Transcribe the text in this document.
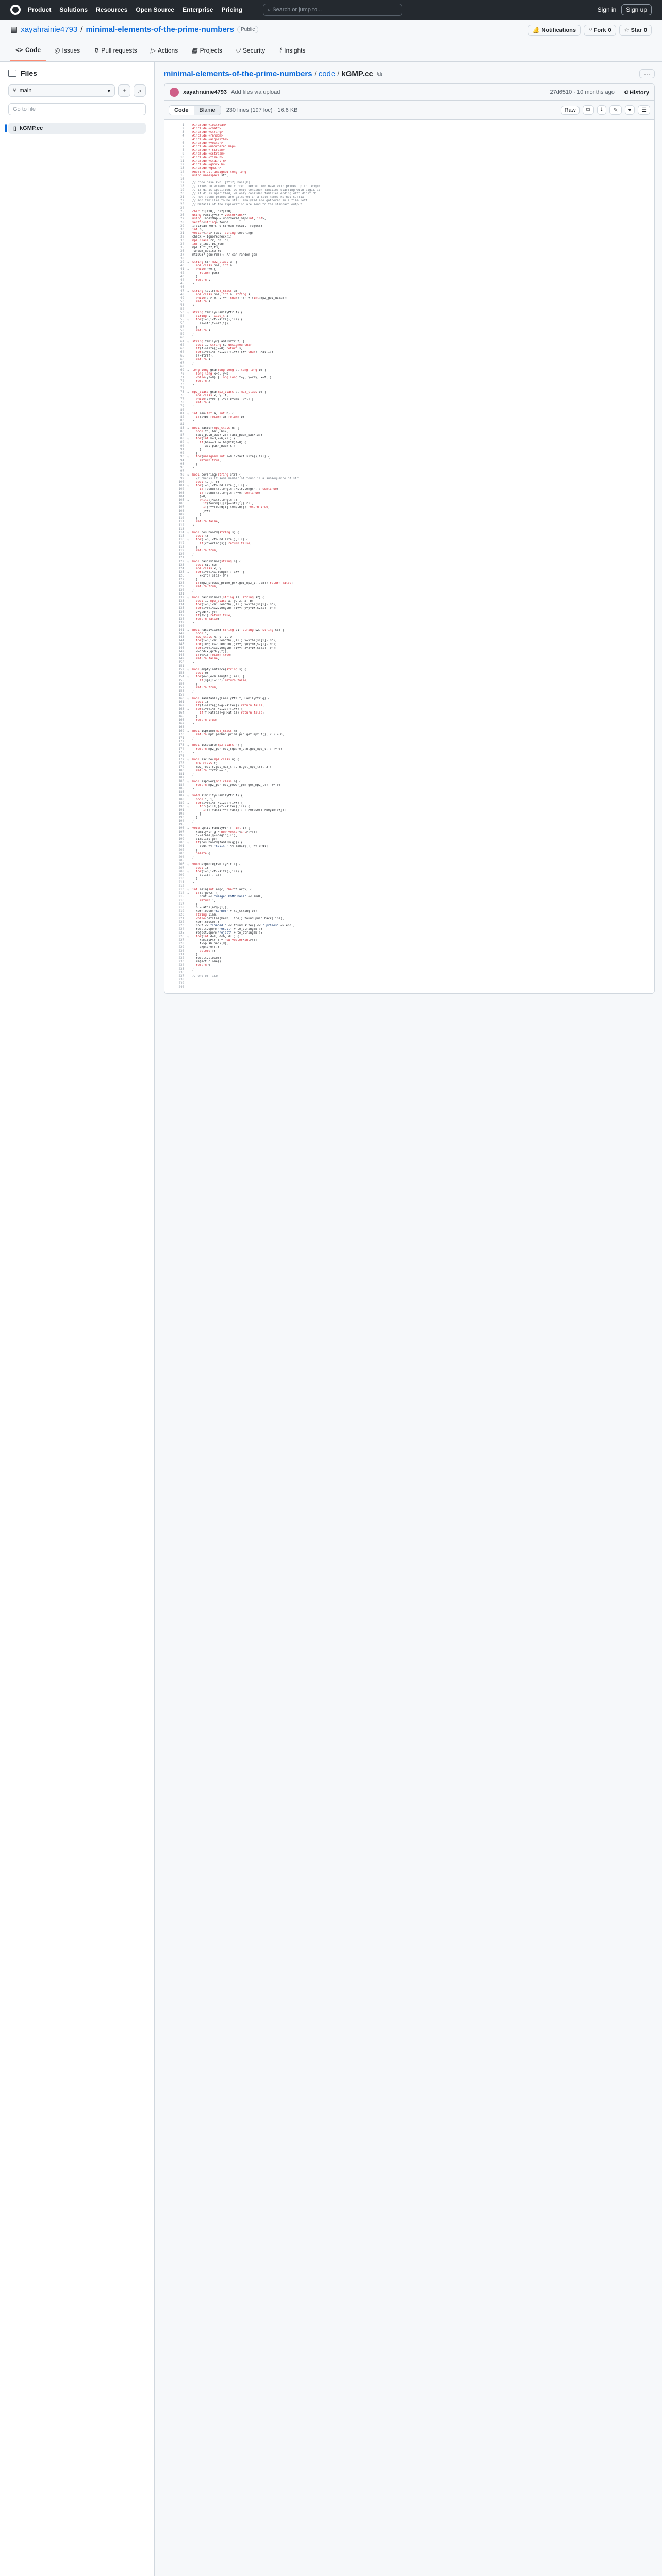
Product Solutions Resources Open Source Enterprise Pricing	⌕ Search or jump to...	Sign in	Sign up
▤ xayahrainie4793 / minimal-elements-of-the-prime-numbers	Public	🔔 Notifications ⑂ Fork 0 ☆ Star 0
<> Code ◎ Issues ⇅ Pull requests ▷ Actions ▦ Projects ⛉ Security ⌇ Insights
Files
⑂ main	▾ + ⌕
Go to file
▯ kGMP.cc
minimal-elements-of-the-prime-numbers / code / kGMP.cc ⧉	···
xayahrainie4793 Add files via upload	27d6510 · 10 months ago	⟲ History
Code	Blame	230 lines (197 loc) · 16.6 KB	Raw	⧉	⤓	✎	▾	☰
1	#include <iostream>
2	#include <cmath>
3	#include <string>
4	#include <random>
5	#include <algorithm>
6	#include <vector>
7	#include <unordered_map>
8	#include <fstream>
9	#include <sstream>
10	#include <time.h>
11	#include <stdint.h>
12	#include <gmpxx.h>
13	#include <gmp.h>
14	#define ull unsigned long long
15	using namespace std;
16
17	// code base k=b, [2^32] base[k]
18	// Tries to extend the current kernel for base with primes up to length
19	// if di is specified, we only consider families starting with digit di
20	// if dj is specified, we only consider families ending with digit dj
21	// new found primes are gathered in a file named kernel suffix
22	// and families to be still analyzed are gathered in a file left
23	// Details of the exploration are send to the standard output
24
25	char hi[128], hi2[128];
26	using FamilyPtr = vector<int>*;
27	using IndexMap = unordered_map<int, int>;
28	vector<string> found;
29	ifstream kern, ofstream result, reject;
30	int b;
31	vector<int> fact, string covering;
32	check = ignoreCheck(1);
33	mpz_class rr, bh, bl;
34	int b_inc, bl_run;
35	mpz_t t1,t2,t3;
36	random_device rd;
37	mt19937 gen(rd()); // can random gen
38
39	⌄	string str(mpz_class a) {
40	mpz_class pos, int n;
41	⌄	while(n<0){
42	return pos;
43	}
44	return s;
45	}
46
47	⌄	string tostr(mpz_class a) {
48	mpz_class pos, int n, string s;
49	while(a > 0) s += (char)('0' + (int)mpz_get_ui(a));
50	return s;
51	}
52
53	⌄	string family(FamilyPtr f) {
54	string s; size_t i;
55	⌄	for(i=0;i<f->size();i++) {
56	s+=str(f->at(i));
57	}
58	return s;
59	}
60
61	⌄	string family2(FamilyPtr f) {
62	bool i, string s, unsigned char
63	if(f->size()==0) return s;
64	for(i=0;i<f->size();i++) s+=(char)f->at(i);
65	s+=str(f);
66	return s;
67	}
68
69	⌄	long long gcd(long long a, long long b) {
70	long long x=a, y=b;
71	while(y!=0) { long long t=y; y=x%y; x=t; }
72	return x;
73	}
74
75	⌄	mpz_class gcd(mpz_class a, mpz_class b) {
76	mpz_class x, y, t;
77	while(b!=0) { t=b; b=a%b; a=t; }
78	return a;
79	}
80
81	⌄	int min(int a, int b) {
82	if(a<b) return a; return b;
83	}
84
85	⌄	bool factor(mpz_class n) {
86	bool fb, bs1, bs2;
87	fact_push_back(2); fact_push_back(3);
88	⌄	for(int k=0;k<b;k++) {
89	⌄	if(b%k==0 && b%(k*k)!=0) {
90	fact.push_back(k);
91	}
92	}
93	⌄	for(unsigned int i=0;i<fact.size();i++) {
94	return true;
95	}
96	}
97
98	⌄	bool covering(string str) {
99	// checks if some member of found is a subsequence of str
100	bool l, j, r;
101	⌄	for(l=0;l<found.size();l++) {
102	if(found[l].length()>str.length()) continue;
103	if(found[l].length()==0) continue;
104	j=0;
105	⌄	while(j<str.length()) {
106	if(found[l][r]==str[j]) r++;
107	if(r==found[l].length()) return true;
108	j++;
109	}
110	}
111	return false;
112	}
113
114	⌄	bool nosubword(string s) {
115	bool l;
116	⌄	for(l=0;l<found.size();l++) {
117	if(covering(s)) return false;
118	}
119	return true;
120	}
121
122	⌄	bool hasdivisor(string s) {
123	bool c1, c2;
124	mpz_class x, y;
125	⌄	for(i=0;i<s.length();i++) {
126	x=x*b+(s[i]-'0');
127	}
128	if(mpz_probab_prime_p(x.get_mpz_t(),25)) return false;
129	return true;
130	}
131
132	⌄	bool hasdivisor2(string s1, string s2) {
133	bool i, mpz_class x, y, z, a, b;
134	for(i=0;i<s1.length();i++) x=x*b+(s1[i]-'0');
135	for(i=0;i<s2.length();i++) y=y*b+(s2[i]-'0');
136	z=gcd(x, y);
137	if(z>1) return true;
138	return false;
139	}
140
141	⌄	bool hasdivisor3(string s1, string s2, string s3) {
142	bool i;
143	mpz_class x, y, z, w;
144	for(i=0;i<s1.length();i++) x=x*b+(s1[i]-'0');
145	for(i=0;i<s2.length();i++) y=y*b+(s2[i]-'0');
146	for(i=0;i<s3.length();i++) z=z*b+(s3[i]-'0');
147	w=gcd(x,gcd(y,z));
148	if(w>1) return true;
149	return false;
150	}
151
152	⌄	bool emptyinstance(string s) {
153	bool e;
154	⌄	for(e=0;e<s.length();e++) {
155	if(s[e]!='0') return false;
156	}
157	return true;
158	}
159
160	⌄	bool samefamily(FamilyPtr f, FamilyPtr g) {
161	bool i;
162	if(f->size()!=g->size()) return false;
163	⌄	for(i=0;i<f->size();i++) {
164	if(f->at(i)!=g->at(i)) return false;
165	}
166	return true;
167	}
168
169	⌄	bool isprime(mpz_class n) {
170	return mpz_probab_prime_p(n.get_mpz_t(), 25) > 0;
171	}
172
173	⌄	bool issquare(mpz_class n) {
174	return mpz_perfect_square_p(n.get_mpz_t()) != 0;
175	}
176
177	⌄	bool iscube(mpz_class n) {
178	mpz_class r;
179	mpz_root(r.get_mpz_t(), n.get_mpz_t(), 3);
180	return r*r*r == n;
181	}
182
183	⌄	bool ispower(mpz_class n) {
184	return mpz_perfect_power_p(n.get_mpz_t()) != 0;
185	}
186
187	⌄	void simplify(FamilyPtr f) {
188	bool i, j;
189	⌄	for(i=0;i<f->size();i++) {
190	⌄	for(j=i+1;j<f->size();j++) {
191	if(f->at(i)==f->at(j)) f->erase(f->begin()+j);
192	}
193	}
194	}
195
196	⌄	void split(FamilyPtr f, int i) {
197	FamilyPtr g = new vector<int>(*f);
198	g->erase(g->begin()+i);
199	simplify(g);
200	⌄	if(nosubword(family(g))) {
201	cout << "split " << family(f) << endl;
202	}
203	delete g;
204	}
205
206	⌄	void explore(FamilyPtr f) {
207	bool i;
208	⌄	for(i=0;i<f->size();i++) {
209	split(f, i);
210	}
211	}
212
213	⌄	int main(int argc, char** argv) {
214	⌄	if(argc<2) {
215	cout << "usage: kGMP base" << endl;
216	return 1;
217	}
218	b = atoi(argv[1]);
219	kern.open("kernel" + to_string(b));
220	string line;
221	while(getline(kern, line)) found.push_back(line);
222	kern.close();
223	cout << "loaded " << found.size() << " primes" << endl;
224	result.open("result" + to_string(b));
225	reject.open("reject" + to_string(b));
226	⌄	for(int d=1; d<b; d++) {
227	FamilyPtr f = new vector<int>();
228	f->push_back(d);
229	explore(f);
230	delete f;
231	}
232	result.close();
233	reject.close();
234	return 0;
235	}
236
237	// end of file
238
239
240
